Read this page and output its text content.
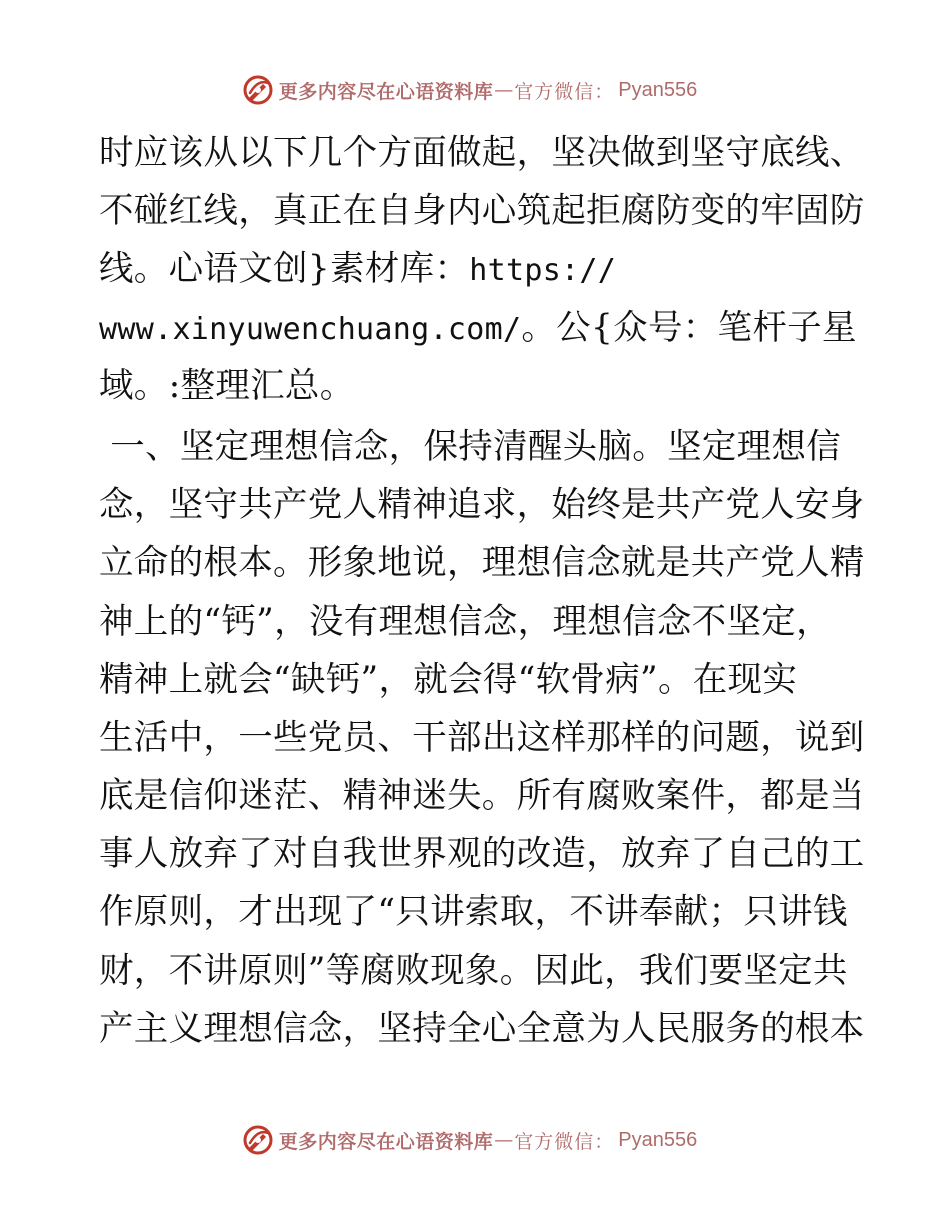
更多内容尽在心语资料库 — 官方微信： Pyan556
时应该从以下几个方面做起，坚决做到坚守底线、
不碰红线，真正在自身内心筑起拒腐防变的牢固防
线。心语文创}素材库：https://
www.xinyuwenchuang.com/。公{众号：笔杆子星
域。:整理汇总。
一、坚定理想信念，保持清醒头脑。坚定理想信
念，坚守共产党人精神追求，始终是共产党人安身
立命的根本。形象地说，理想信念就是共产党人精
神上的“钙”，没有理想信念，理想信念不坚定，
精神上就会“缺钙”，就会得“软骨病”。在现实
生活中，一些党员、干部出这样那样的问题，说到
底是信仰迷茫、精神迷失。所有腐败案件，都是当
事人放弃了对自我世界观的改造，放弃了自己的工
作原则，才出现了“只讲索取，不讲奉献；只讲钱
财，不讲原则”等腐败现象。因此，我们要坚定共
产主义理想信念，坚持全心全意为人民服务的根本
更多内容尽在心语资料库 — 官方微信： Pyan556
